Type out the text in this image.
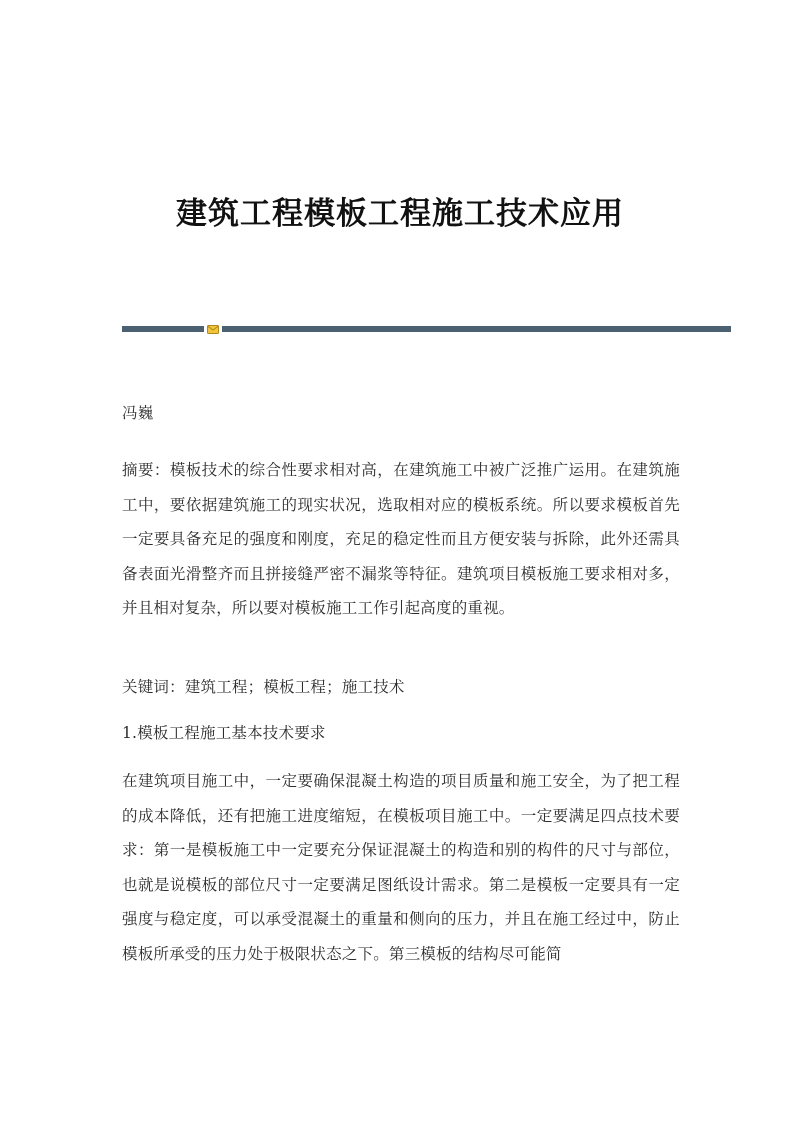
建筑工程模板工程施工技术应用

冯巍

摘要：模板技术的综合性要求相对高，在建筑施工中被广泛推广运用。在建筑施工中，要依据建筑施工的现实状况，选取相对应的模板系统。所以要求模板首先一定要具备充足的强度和刚度，充足的稳定性而且方便安装与拆除，此外还需具备表面光滑整齐而且拼接缝严密不漏浆等特征。建筑项目模板施工要求相对多，并且相对复杂，所以要对模板施工工作引起高度的重视。

关键词：建筑工程；模板工程；施工技术

1.模板工程施工基本技术要求

在建筑项目施工中，一定要确保混凝土构造的项目质量和施工安全，为了把工程的成本降低，还有把施工进度缩短，在模板项目施工中。一定要满足四点技术要求：第一是模板施工中一定要充分保证混凝土的构造和别的构件的尺寸与部位，也就是说模板的部位尺寸一定要满足图纸设计需求。第二是模板一定要具有一定强度与稳定度，可以承受混凝土的重量和侧向的压力，并且在施工经过中，防止模板所承受的压力处于极限状态之下。第三模板的结构尽可能简
